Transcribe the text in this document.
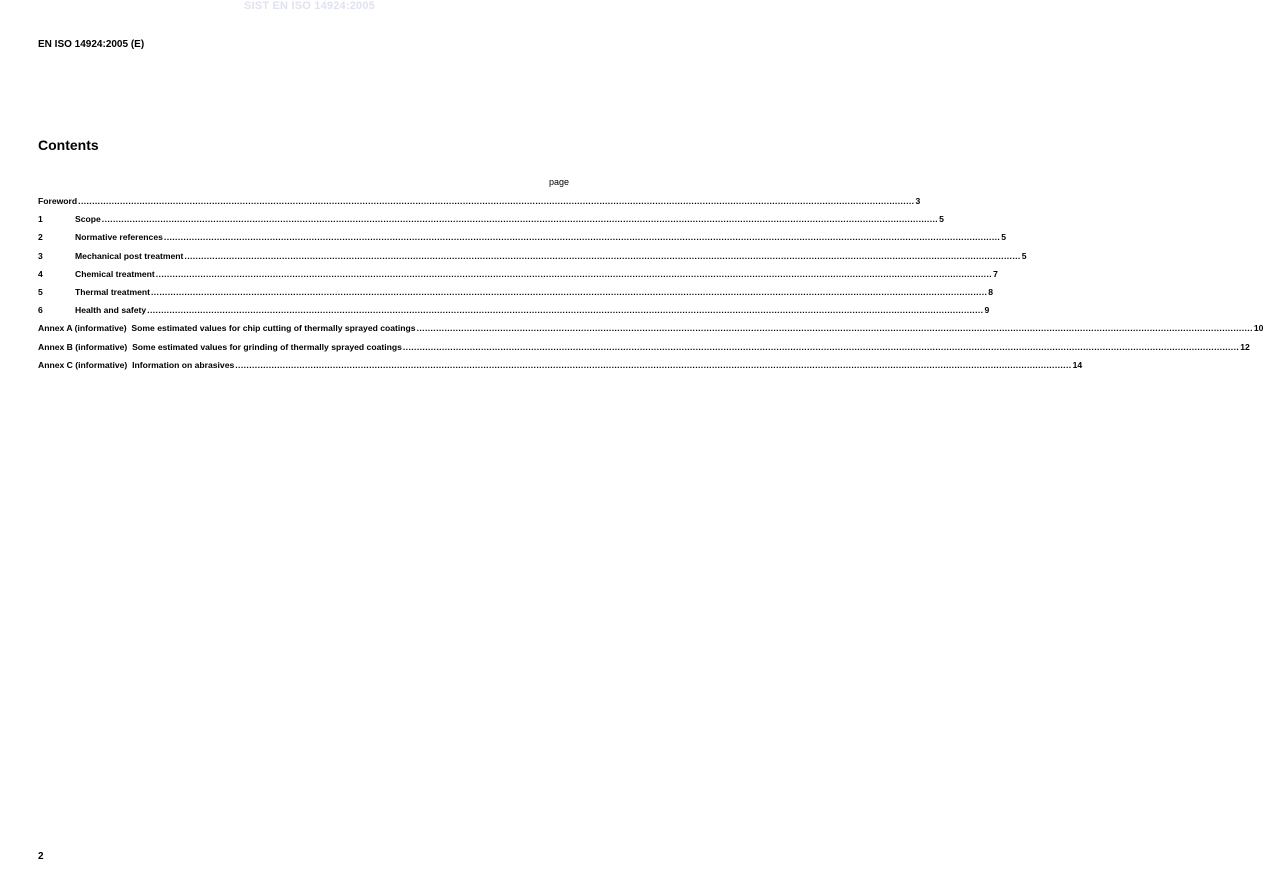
SIST EN ISO 14924:2005
EN ISO 14924:2005 (E)
Contents
page
Foreword ............................................................................................................................................................................................................................................................................................................ 3
1	Scope ............................................................................................................................................................................................................................................................................................................ 5
2	Normative references ............................................................................................................................................................................................................................................................................................................ 5
3	Mechanical post treatment ............................................................................................................................................................................................................................................................................................................ 5
4	Chemical treatment ............................................................................................................................................................................................................................................................................................................ 7
5	Thermal treatment ............................................................................................................................................................................................................................................................................................................ 8
6	Health and safety ............................................................................................................................................................................................................................................................................................................ 9
Annex A (informative)  Some estimated values for chip cutting of thermally sprayed coatings ............................................................................................................................................................................................................................................................................................................ 10
Annex B (informative)  Some estimated values for grinding of thermally sprayed coatings ............................................................................................................................................................................................................................................................................................................ 12
Annex C (informative)  Information on abrasives ............................................................................................................................................................................................................................................................................................................ 14
2
